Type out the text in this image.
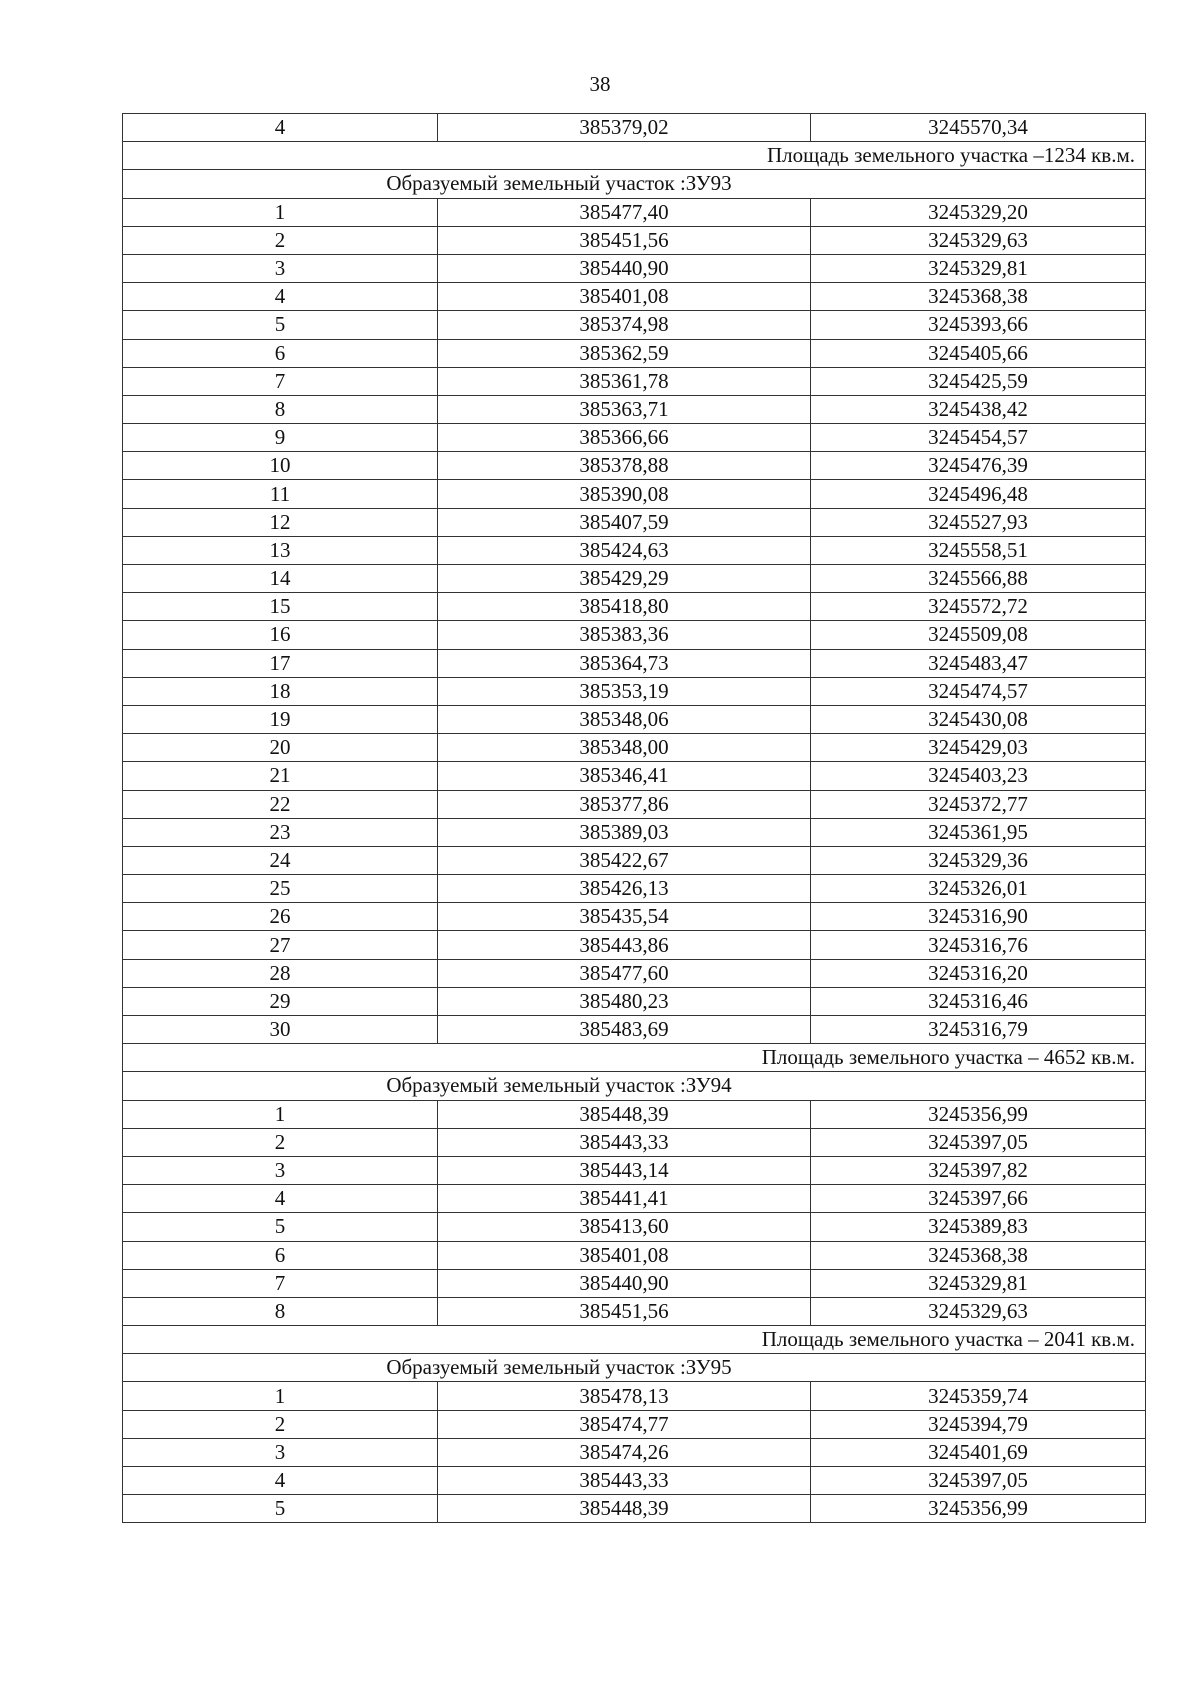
38
4	385379,02	3245570,34
Площадь земельного участка –1234 кв.м.		
Образуемый земельный участок :ЗУ93		
1	385477,40	3245329,20
2	385451,56	3245329,63
3	385440,90	3245329,81
4	385401,08	3245368,38
5	385374,98	3245393,66
6	385362,59	3245405,66
7	385361,78	3245425,59
8	385363,71	3245438,42
9	385366,66	3245454,57
10	385378,88	3245476,39
11	385390,08	3245496,48
12	385407,59	3245527,93
13	385424,63	3245558,51
14	385429,29	3245566,88
15	385418,80	3245572,72
16	385383,36	3245509,08
17	385364,73	3245483,47
18	385353,19	3245474,57
19	385348,06	3245430,08
20	385348,00	3245429,03
21	385346,41	3245403,23
22	385377,86	3245372,77
23	385389,03	3245361,95
24	385422,67	3245329,36
25	385426,13	3245326,01
26	385435,54	3245316,90
27	385443,86	3245316,76
28	385477,60	3245316,20
29	385480,23	3245316,46
30	385483,69	3245316,79
Площадь земельного участка – 4652 кв.м.		
Образуемый земельный участок :ЗУ94		
1	385448,39	3245356,99
2	385443,33	3245397,05
3	385443,14	3245397,82
4	385441,41	3245397,66
5	385413,60	3245389,83
6	385401,08	3245368,38
7	385440,90	3245329,81
8	385451,56	3245329,63
Площадь земельного участка – 2041 кв.м.		
Образуемый земельный участок :ЗУ95		
1	385478,13	3245359,74
2	385474,77	3245394,79
3	385474,26	3245401,69
4	385443,33	3245397,05
5	385448,39	3245356,99
